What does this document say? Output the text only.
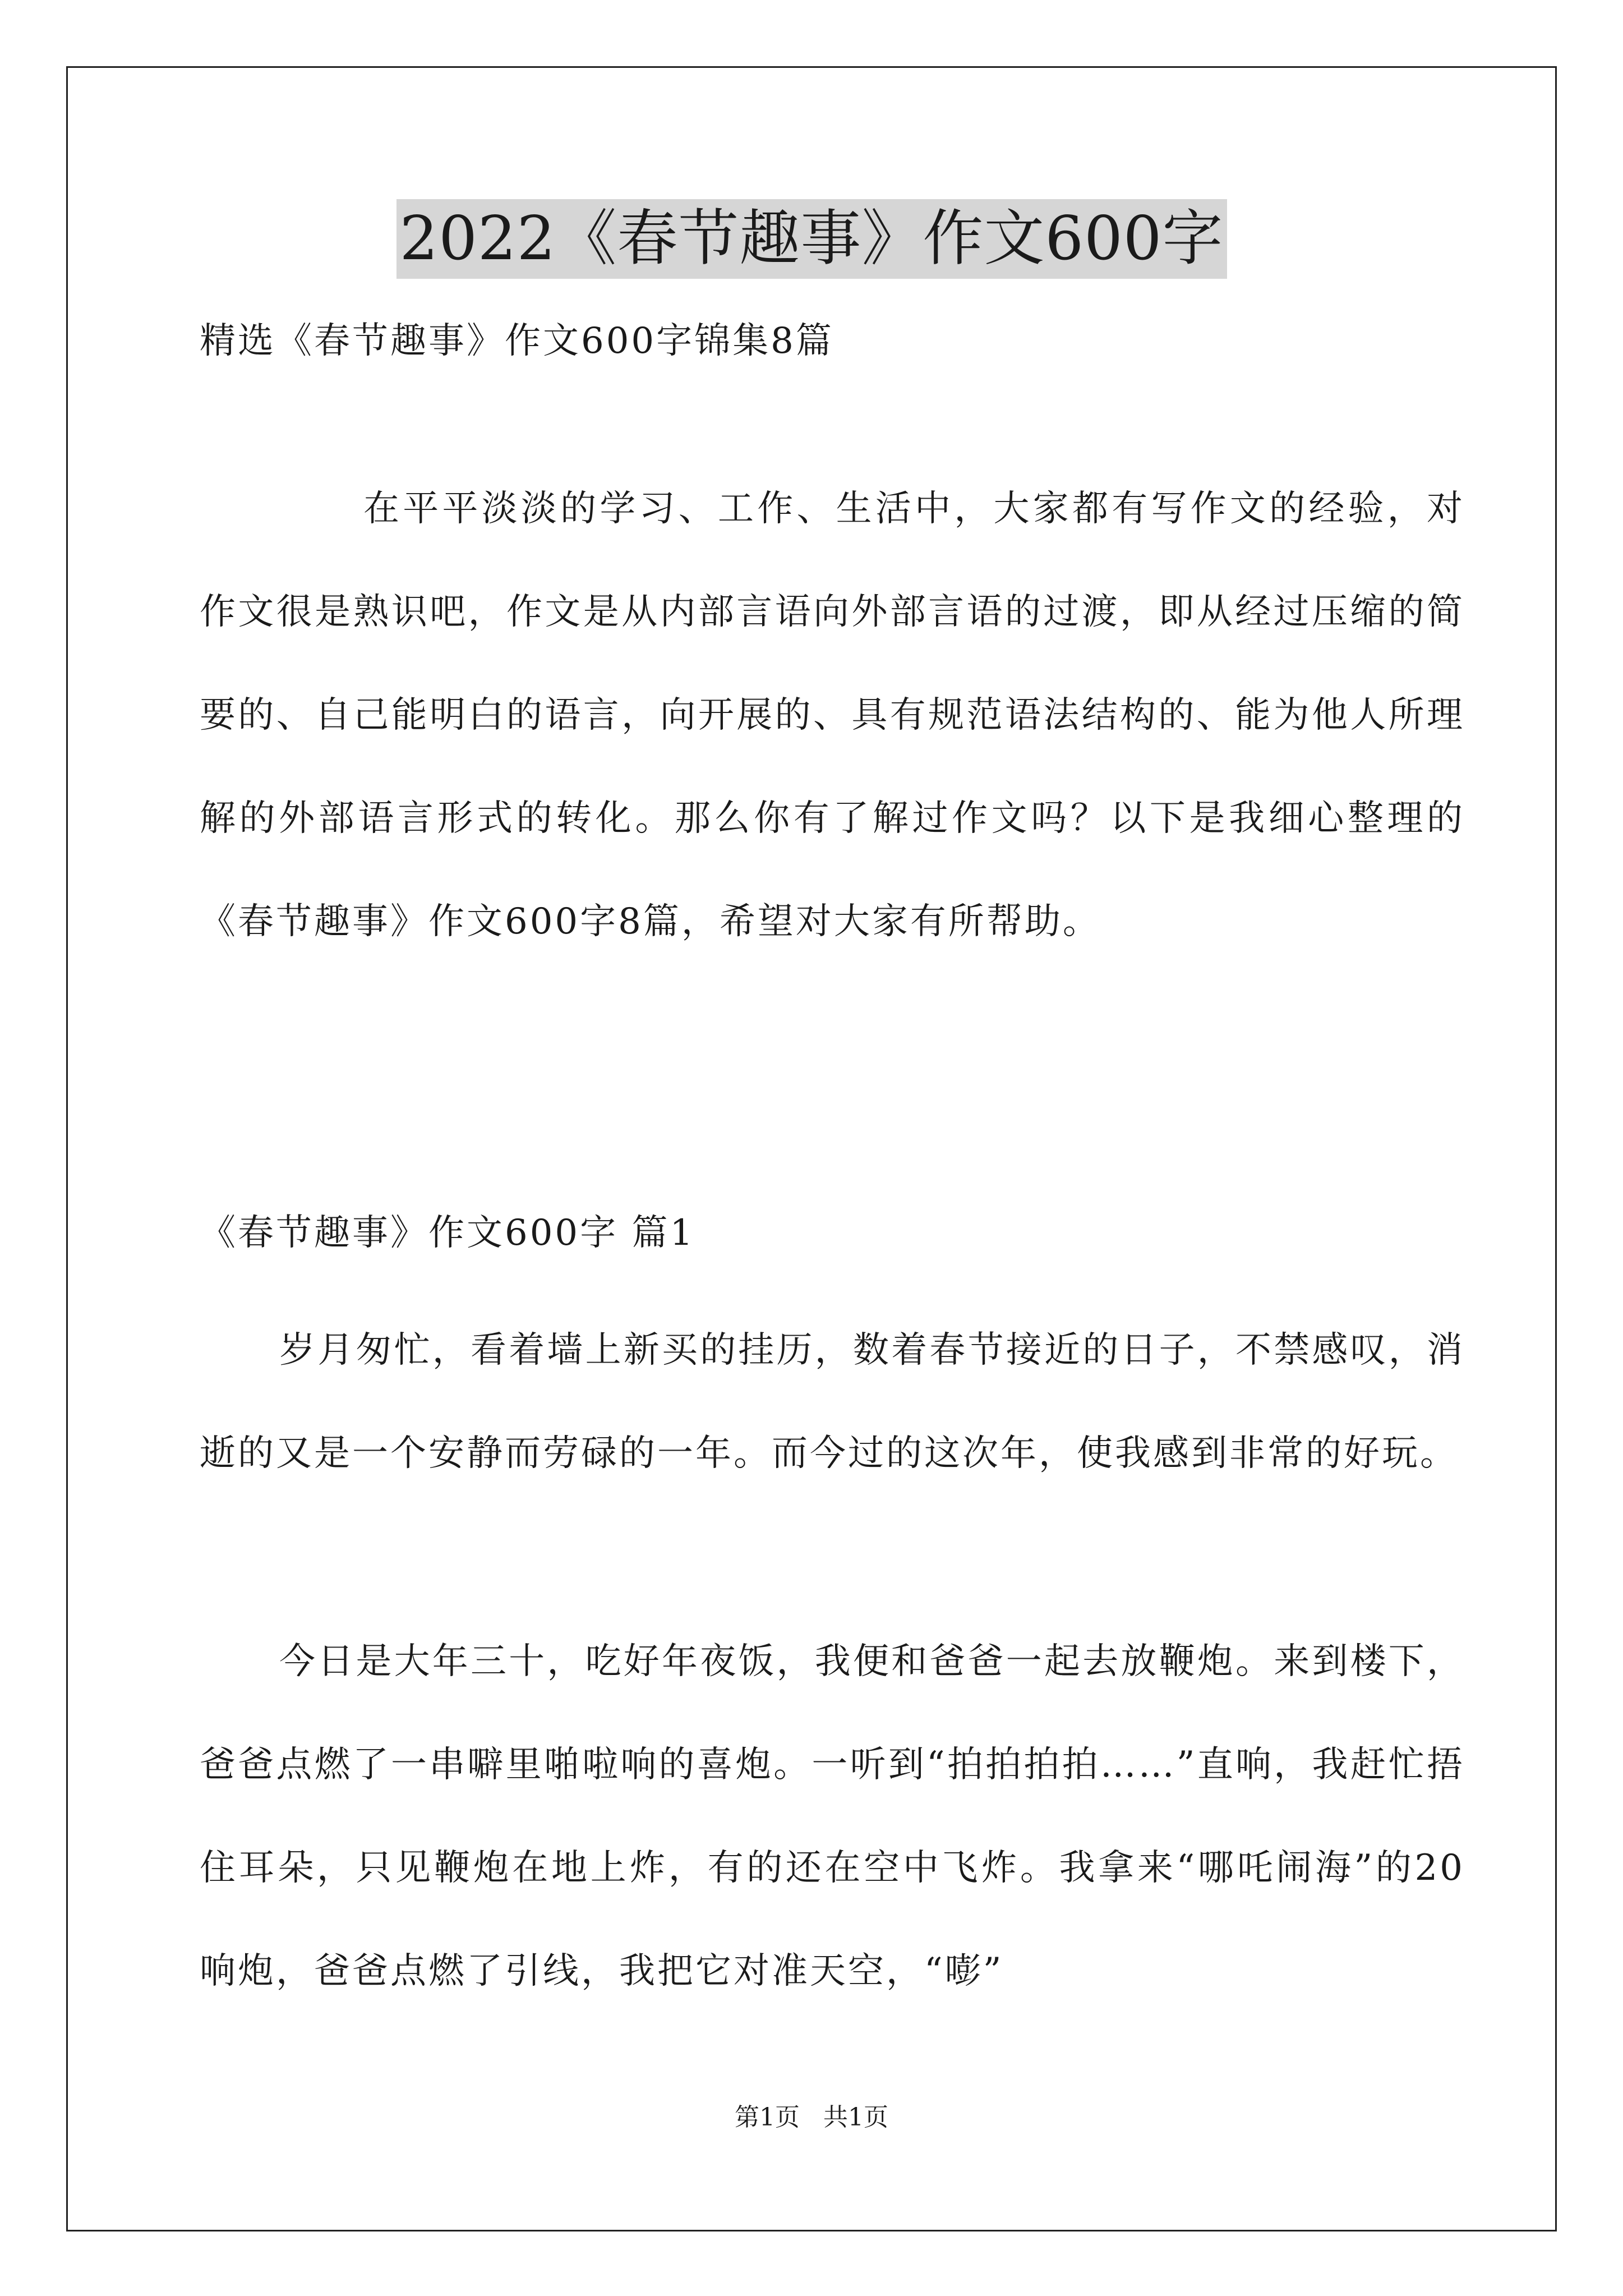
2022《春节趣事》作文600字

精选《春节趣事》作文600字锦集8篇

在平平淡淡的学习、工作、生活中，大家都有写作文的经验，对作文很是熟识吧，作文是从内部言语向外部言语的过渡，即从经过压缩的简要的、自己能明白的语言，向开展的、具有规范语法结构的、能为他人所理解的外部语言形式的转化。那么你有了解过作文吗？以下是我细心整理的《春节趣事》作文600字8篇，希望对大家有所帮助。

《春节趣事》作文600字 篇1

岁月匆忙，看着墙上新买的挂历，数着春节接近的日子，不禁感叹，消逝的又是一个安静而劳碌的一年。而今过的这次年，使我感到非常的好玩。

今日是大年三十，吃好年夜饭，我便和爸爸一起去放鞭炮。来到楼下，爸爸点燃了一串噼里啪啦响的喜炮。一听到“拍拍拍拍……”直响，我赶忙捂住耳朵，只见鞭炮在地上炸，有的还在空中飞炸。我拿来“哪吒闹海”的20响炮，爸爸点燃了引线，我把它对准天空，“嘭”

第1页   共1页
